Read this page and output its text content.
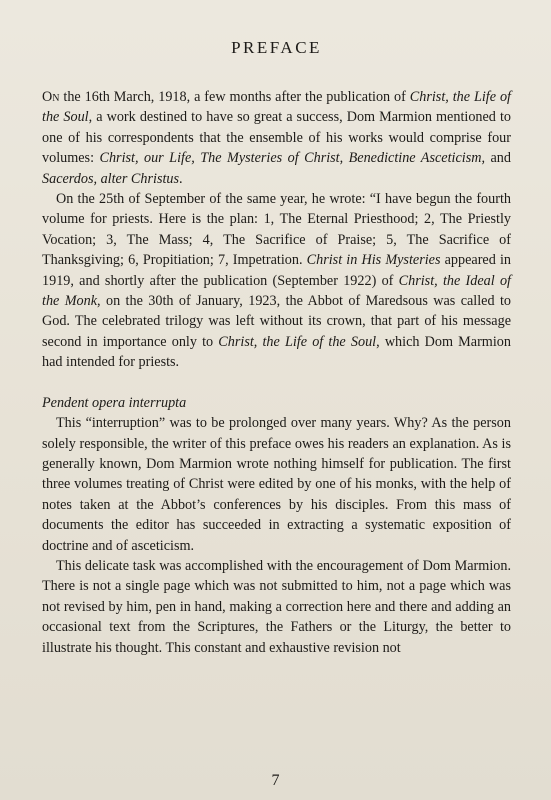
PREFACE

On the 16th March, 1918, a few months after the publication of Christ, the Life of the Soul, a work destined to have so great a success, Dom Marmion mentioned to one of his correspondents that the ensemble of his works would comprise four volumes: Christ, our Life, The Mysteries of Christ, Benedictine Asceticism, and Sacerdos, alter Christus.

On the 25th of September of the same year, he wrote: “I have begun the fourth volume for priests. Here is the plan: 1, The Eternal Priesthood; 2, The Priestly Vocation; 3, The Mass; 4, The Sacrifice of Praise; 5, The Sacrifice of Thanksgiving; 6, Propitiation; 7, Impetration. Christ in His Mysteries appeared in 1919, and shortly after the publication (September 1922) of Christ, the Ideal of the Monk, on the 30th of January, 1923, the Abbot of Maredsous was called to God. The celebrated trilogy was left without its crown, that part of his message second in importance only to Christ, the Life of the Soul, which Dom Marmion had intended for priests.

Pendent opera interrupta

This “interruption” was to be prolonged over many years. Why? As the person solely responsible, the writer of this preface owes his readers an explanation. As is generally known, Dom Marmion wrote nothing himself for publication. The first three volumes treating of Christ were edited by one of his monks, with the help of notes taken at the Abbot’s conferences by his disciples. From this mass of documents the editor has succeeded in extracting a systematic exposition of doctrine and of asceticism.

This delicate task was accomplished with the encouragement of Dom Marmion. There is not a single page which was not submitted to him, not a page which was not revised by him, pen in hand, making a correction here and there and adding an occasional text from the Scriptures, the Fathers or the Liturgy, the better to illustrate his thought. This constant and exhaustive revision not

7
